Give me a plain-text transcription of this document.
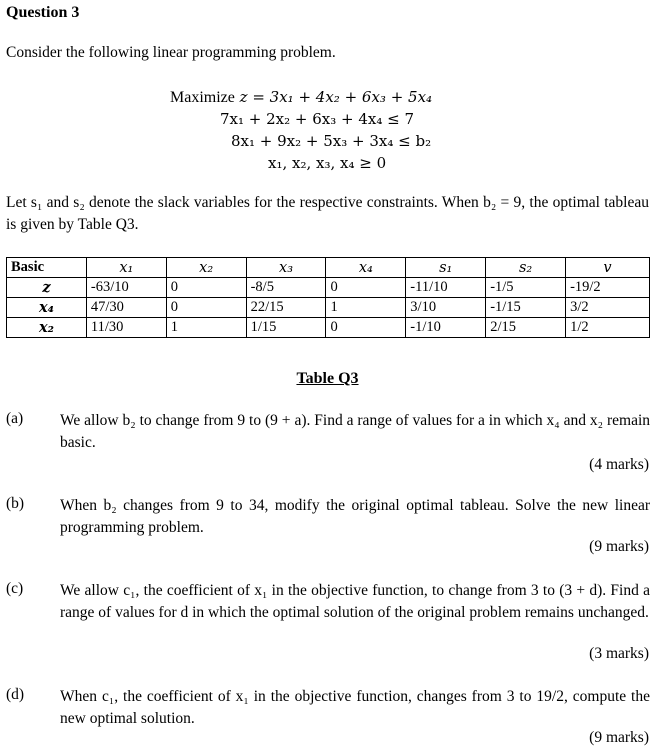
Question 3
Consider the following linear programming problem.
Maximize z = 3x₁ + 4x₂ + 6x₃ + 5x₄
7x₁ + 2x₂ + 6x₃ + 4x₄ ≤ 7
8x₁ + 9x₂ + 5x₃ + 3x₄ ≤ b₂
x₁, x₂, x₃, x₄ ≥ 0
Let s₁ and s₂ denote the slack variables for the respective constraints. When b₂ = 9, the optimal tableau is given by Table Q3.
Basic	x₁	x₂	x₃	x₄	s₁	s₂	v
z	-63/10	0	-8/5	0	-11/10	-1/5	-19/2
x₄	47/30	0	22/15	1	3/10	-1/15	3/2
x₂	11/30	1	1/15	0	-1/10	2/15	1/2
Table Q3
(a) We allow b₂ to change from 9 to (9 + a). Find a range of values for a in which x₄ and x₂ remain basic.
(4 marks)
(b) When b₂ changes from 9 to 34, modify the original optimal tableau. Solve the new linear programming problem.
(9 marks)
(c) We allow c₁, the coefficient of x₁ in the objective function, to change from 3 to (3 + d). Find a range of values for d in which the optimal solution of the original problem remains unchanged.
(3 marks)
(d) When c₁, the coefficient of x₁ in the objective function, changes from 3 to 19/2, compute the new optimal solution.
(9 marks)
